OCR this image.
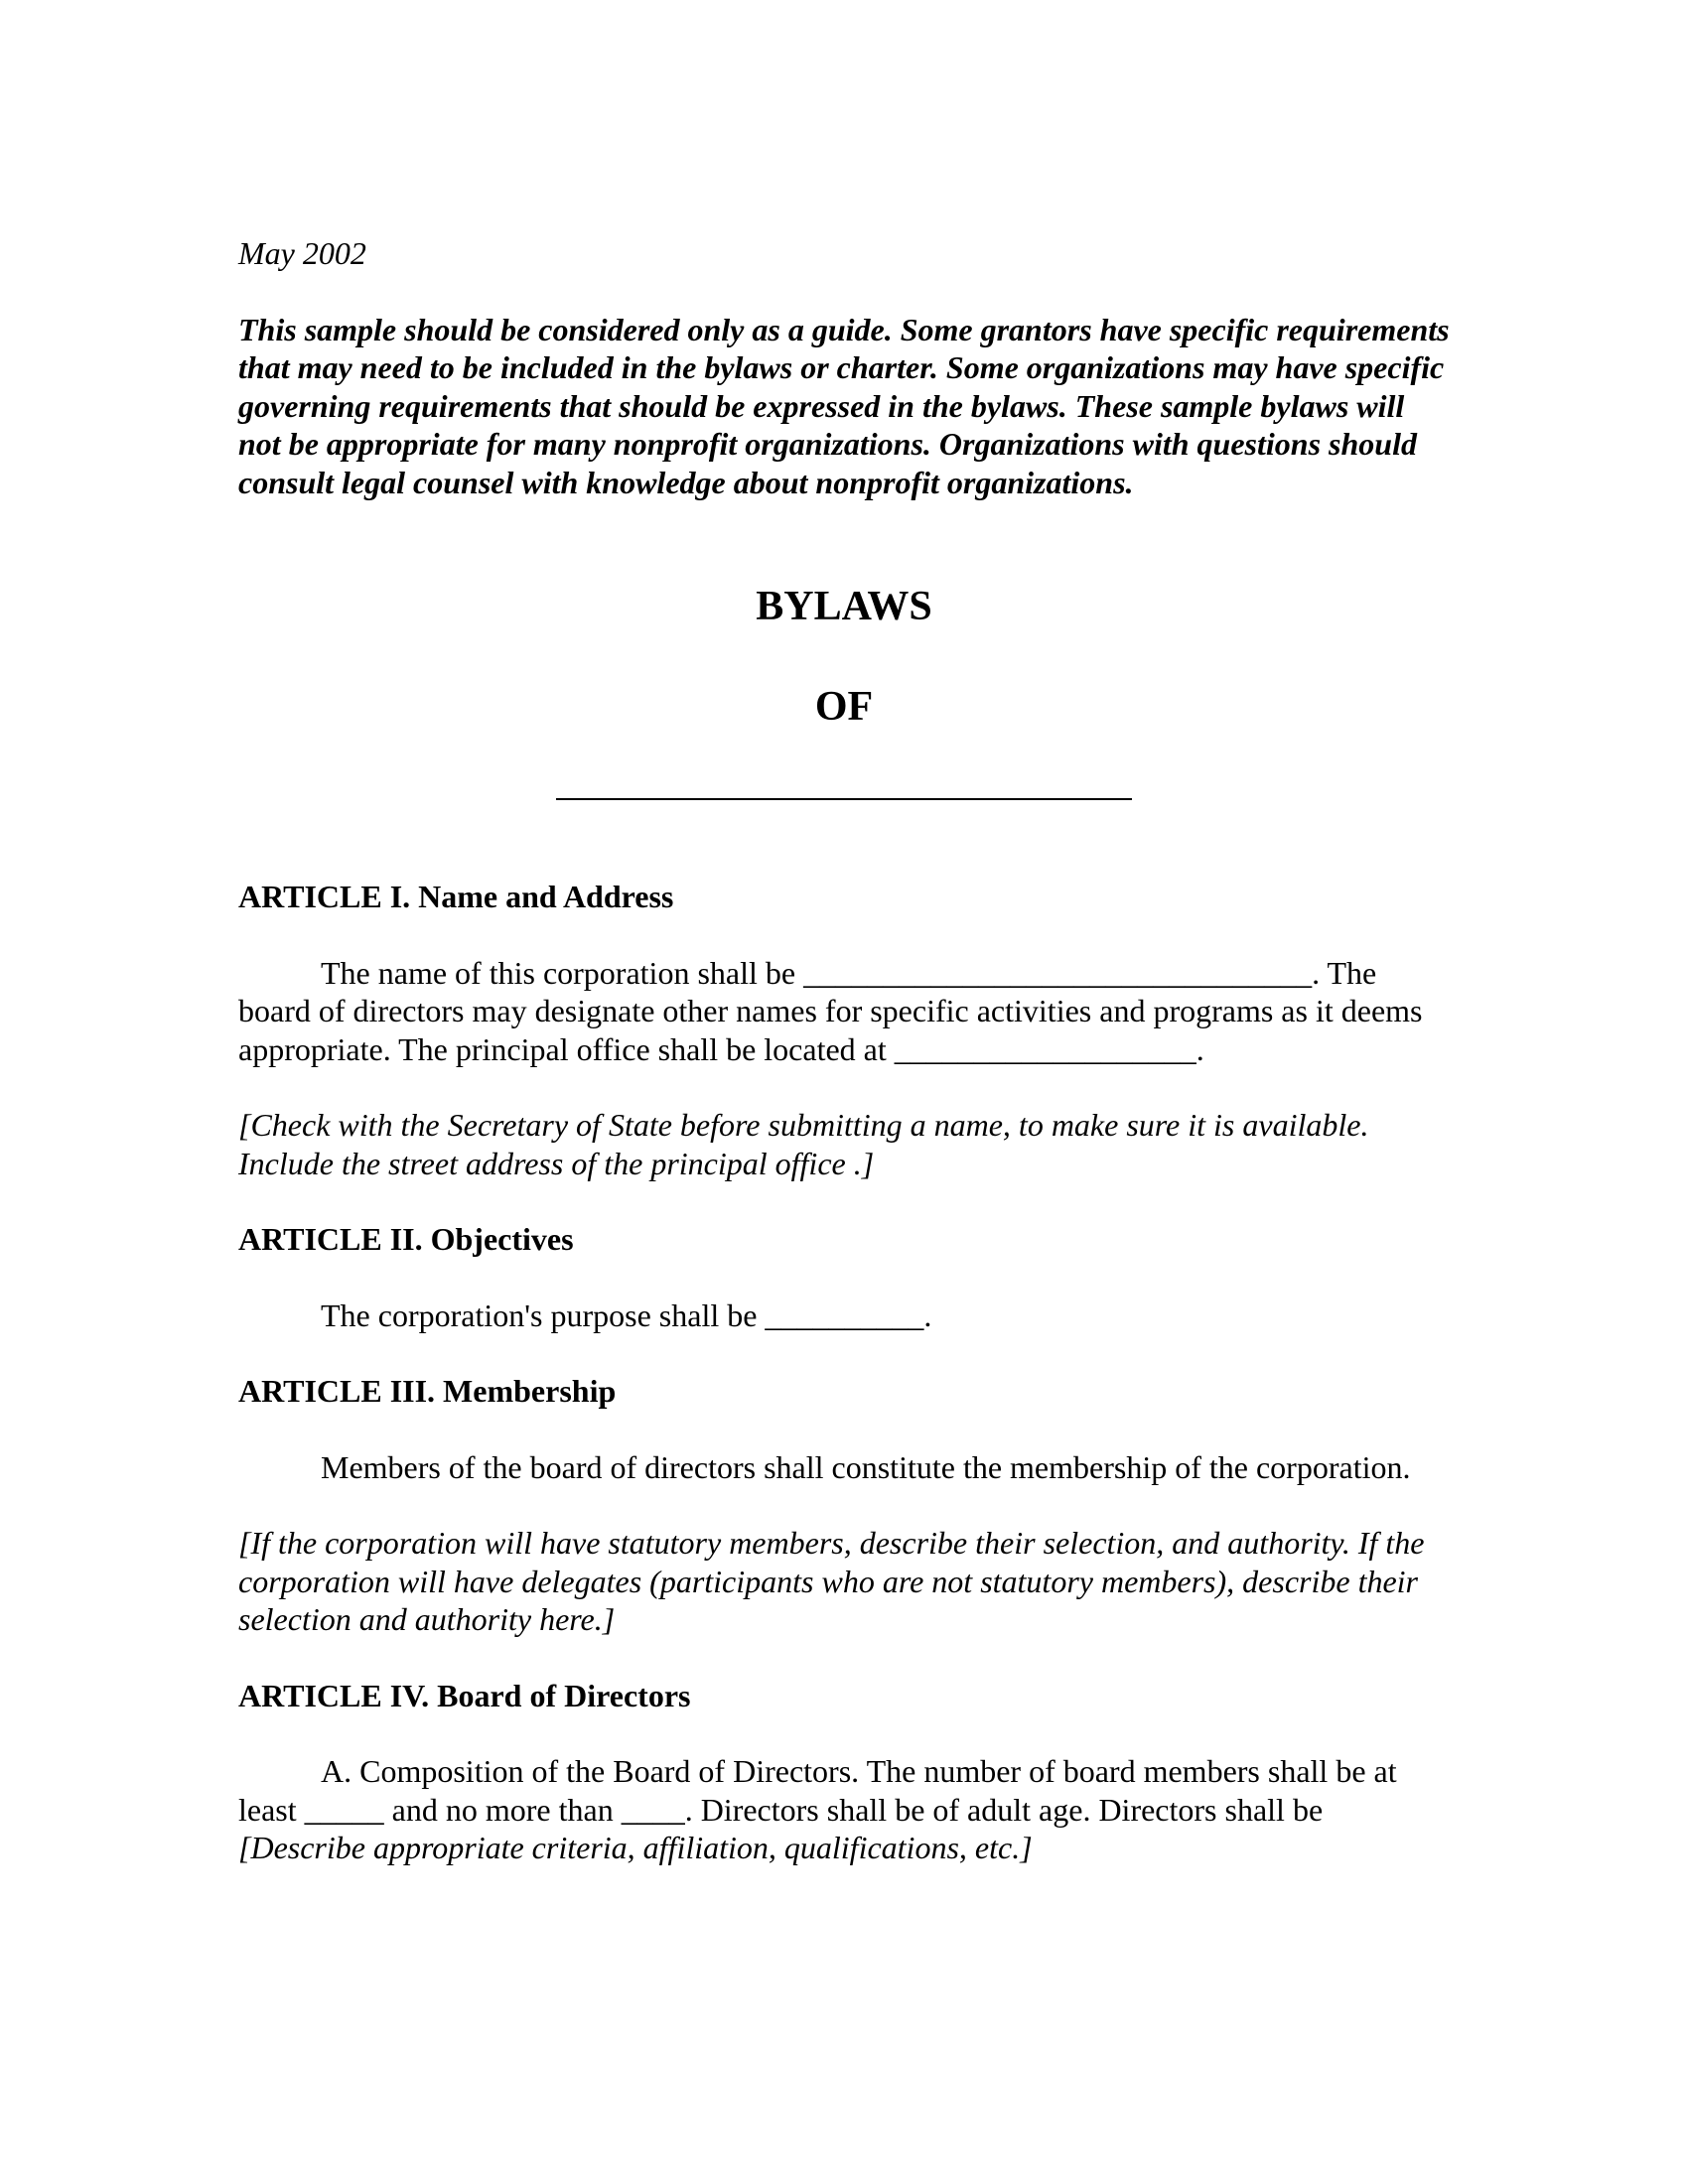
May 2002

This sample should be considered only as a guide. Some grantors have specific requirements that may need to be included in the bylaws or charter. Some organizations may have specific governing requirements that should be expressed in the bylaws. These sample bylaws will not be appropriate for many nonprofit organizations. Organizations with questions should consult legal counsel with knowledge about nonprofit organizations.

BYLAWS
OF
ARTICLE I. Name and Address

The name of this corporation shall be ________________________________. The board of directors may designate other names for specific activities and programs as it deems appropriate. The principal office shall be located at ___________________.

[Check with the Secretary of State before submitting a name, to make sure it is available. Include the street address of the principal office .]

ARTICLE II. Objectives

The corporation's purpose shall be __________.

ARTICLE III. Membership

Members of the board of directors shall constitute the membership of the corporation.

[If the corporation will have statutory members, describe their selection, and authority. If the corporation will have delegates (participants who are not statutory members), describe their selection and authority here.]

ARTICLE IV. Board of Directors

A. Composition of the Board of Directors. The number of board members shall be at least _____ and no more than ____. Directors shall be of adult age. Directors shall be

[Describe appropriate criteria, affiliation, qualifications, etc.]
